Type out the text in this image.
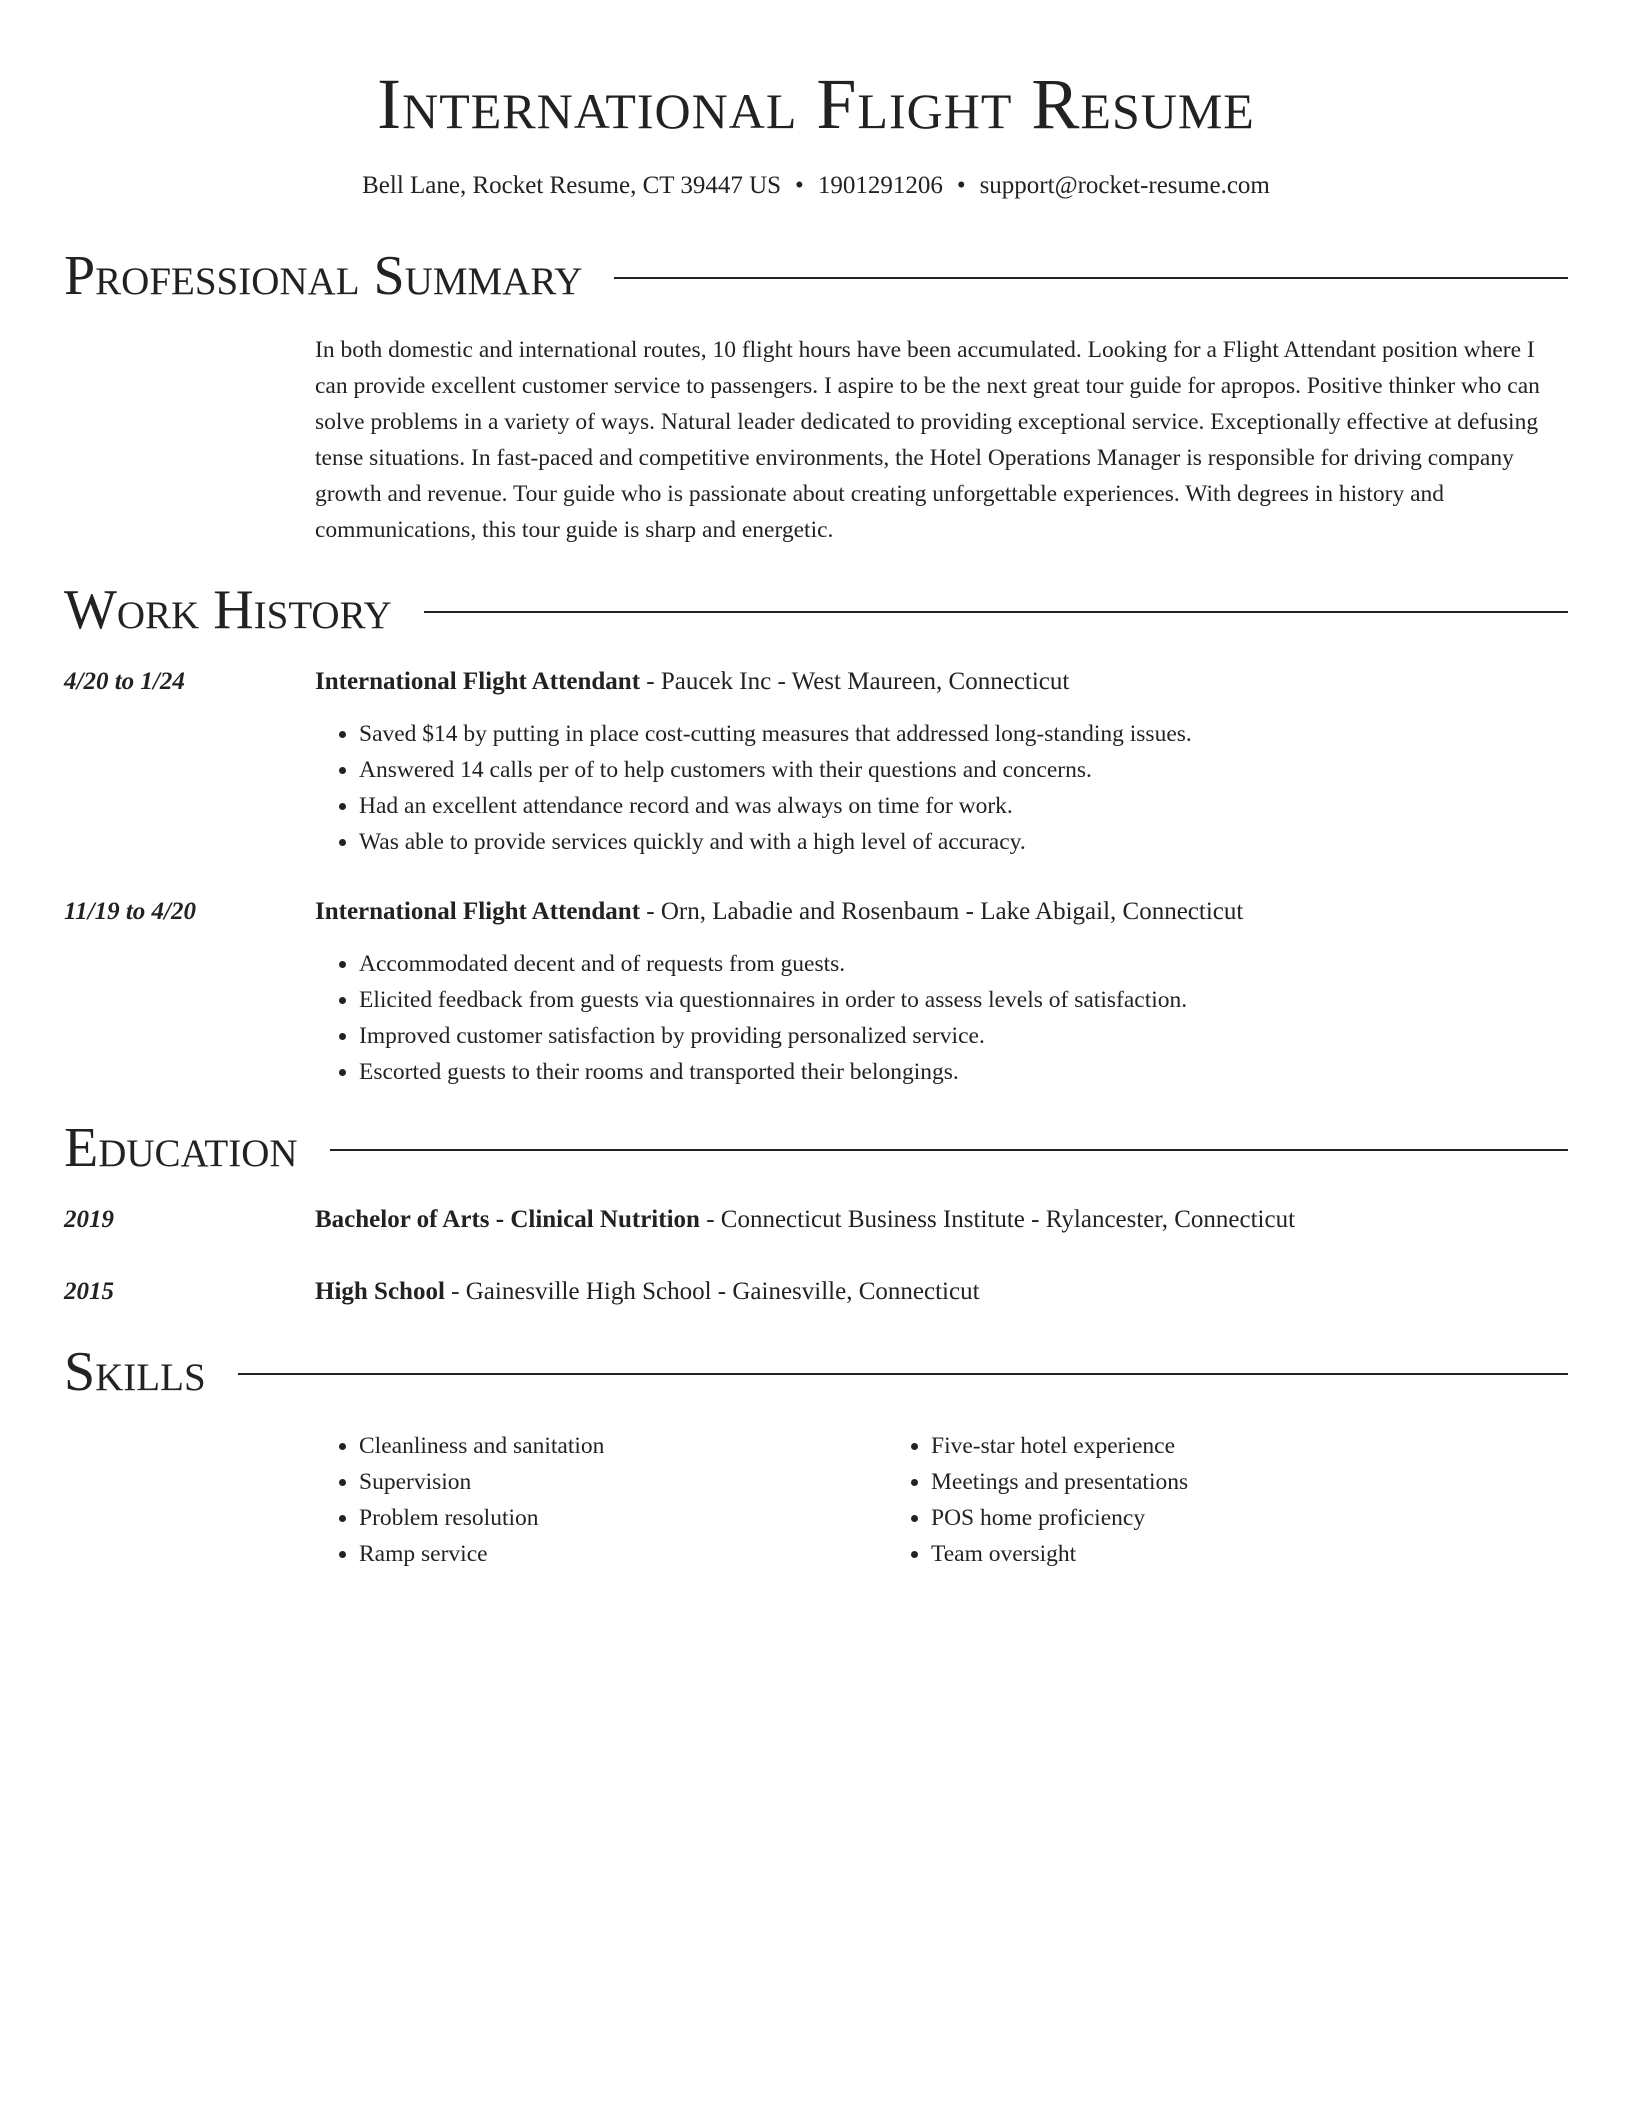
International Flight Resume
Bell Lane, Rocket Resume, CT 39447 US • 1901291206 • support@rocket-resume.com
Professional Summary
In both domestic and international routes, 10 flight hours have been accumulated. Looking for a Flight Attendant position where I can provide excellent customer service to passengers. I aspire to be the next great tour guide for apropos. Positive thinker who can solve problems in a variety of ways. Natural leader dedicated to providing exceptional service. Exceptionally effective at defusing tense situations. In fast-paced and competitive environments, the Hotel Operations Manager is responsible for driving company growth and revenue. Tour guide who is passionate about creating unforgettable experiences. With degrees in history and communications, this tour guide is sharp and energetic.
Work History
4/20 to 1/24	International Flight Attendant - Paucek Inc - West Maureen, Connecticut
• Saved $14 by putting in place cost-cutting measures that addressed long-standing issues.
• Answered 14 calls per of to help customers with their questions and concerns.
• Had an excellent attendance record and was always on time for work.
• Was able to provide services quickly and with a high level of accuracy.
11/19 to 4/20	International Flight Attendant - Orn, Labadie and Rosenbaum - Lake Abigail, Connecticut
• Accommodated decent and of requests from guests.
• Elicited feedback from guests via questionnaires in order to assess levels of satisfaction.
• Improved customer satisfaction by providing personalized service.
• Escorted guests to their rooms and transported their belongings.
Education
2019	Bachelor of Arts - Clinical Nutrition - Connecticut Business Institute - Rylancester, Connecticut
2015	High School - Gainesville High School - Gainesville, Connecticut
Skills
• Cleanliness and sanitation
• Supervision
• Problem resolution
• Ramp service
• Five-star hotel experience
• Meetings and presentations
• POS home proficiency
• Team oversight
